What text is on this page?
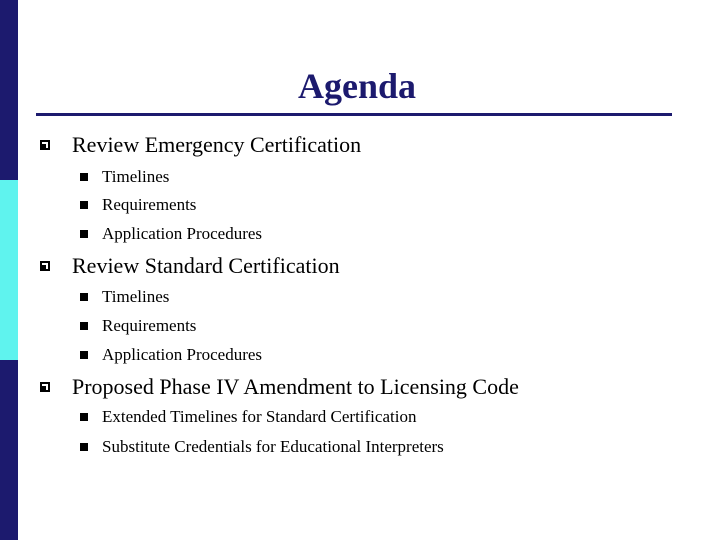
Agenda
Review Emergency Certification
Timelines
Requirements
Application Procedures
Review Standard Certification
Timelines
Requirements
Application Procedures
Proposed Phase IV Amendment to Licensing Code
Extended Timelines for Standard Certification
Substitute Credentials for Educational Interpreters
